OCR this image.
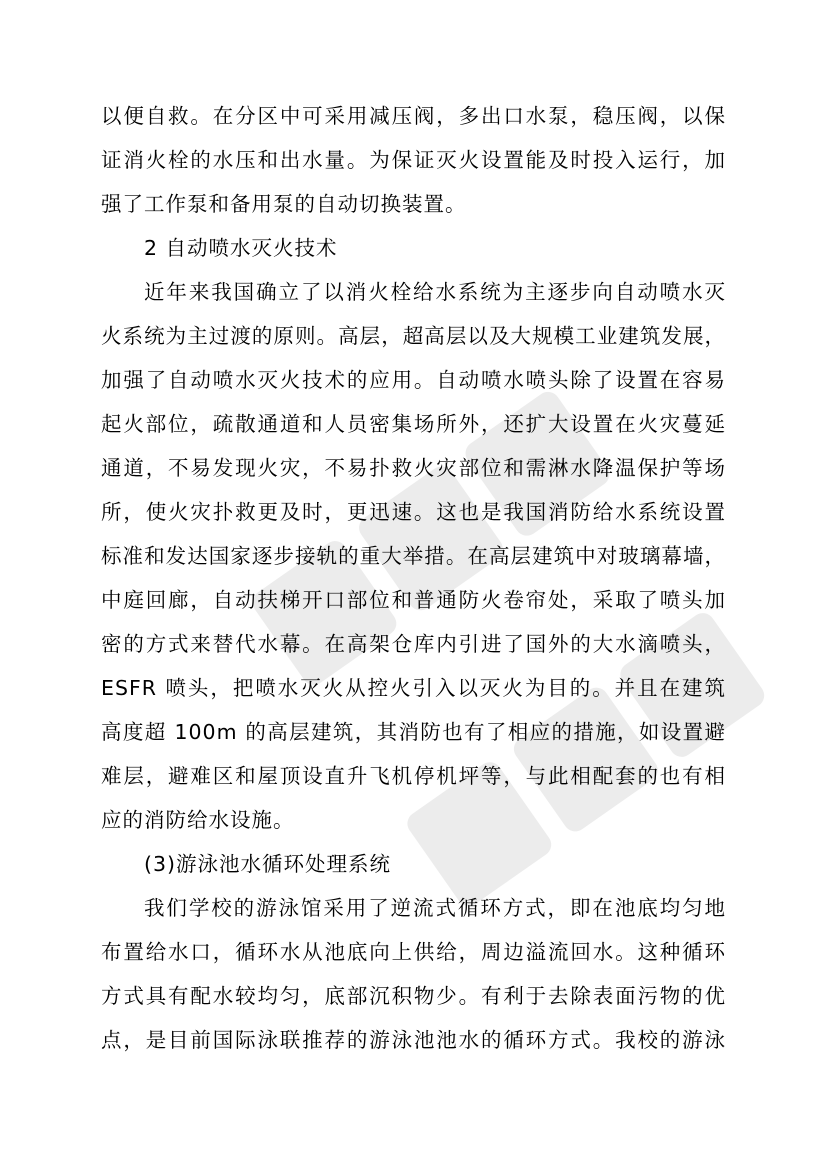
以便自救。在分区中可采用减压阀，多出口水泵，稳压阀，以保
证消火栓的水压和出水量。为保证灭火设置能及时投入运行，加
强了工作泵和备用泵的自动切换装置。
2 自动喷水灭火技术
近年来我国确立了以消火栓给水系统为主逐步向自动喷水灭
火系统为主过渡的原则。高层，超高层以及大规模工业建筑发展，
加强了自动喷水灭火技术的应用。自动喷水喷头除了设置在容易
起火部位，疏散通道和人员密集场所外，还扩大设置在火灾蔓延
通道，不易发现火灾，不易扑救火灾部位和需淋水降温保护等场
所，使火灾扑救更及时，更迅速。这也是我国消防给水系统设置
标准和发达国家逐步接轨的重大举措。在高层建筑中对玻璃幕墙，
中庭回廊，自动扶梯开口部位和普通防火卷帘处，采取了喷头加
密的方式来替代水幕。在高架仓库内引进了国外的大水滴喷头，
ESFR 喷头，把喷水灭火从控火引入以灭火为目的。并且在建筑
高度超 100m 的高层建筑，其消防也有了相应的措施，如设置避
难层，避难区和屋顶设直升飞机停机坪等，与此相配套的也有相
应的消防给水设施。
(3)游泳池水循环处理系统
我们学校的游泳馆采用了逆流式循环方式，即在池底均匀地
布置给水口，循环水从池底向上供给，周边溢流回水。这种循环
方式具有配水较均匀，底部沉积物少。有利于去除表面污物的优
点，是目前国际泳联推荐的游泳池池水的循环方式。我校的游泳
